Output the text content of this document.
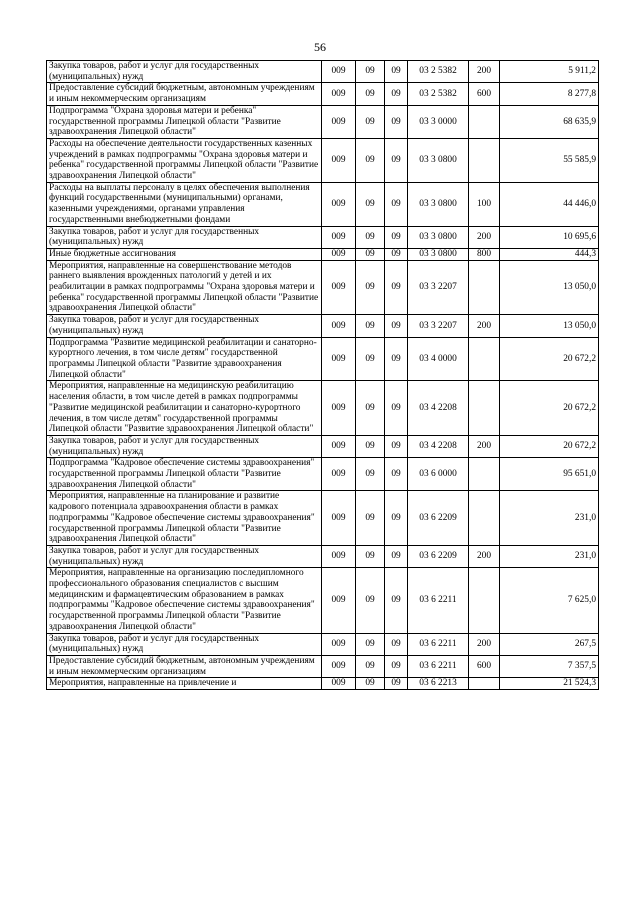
56
Закупка товаров, работ и услуг для государственных (муниципальных) нужд	009	09	09	03 2 5382	200	5 911,2
Предоставление субсидий бюджетным, автономным учреждениям и иным некоммерческим организациям	009	09	09	03 2 5382	600	8 277,8
Подпрограмма "Охрана здоровья матери и ребенка" государственной программы Липецкой области "Развитие здравоохранения Липецкой области"	009	09	09	03 3 0000		68 635,9
Расходы на обеспечение деятельности государственных казенных учреждений в рамках подпрограммы "Охрана здоровья матери и ребенка" государственной программы Липецкой области "Развитие здравоохранения Липецкой области"	009	09	09	03 3 0800		55 585,9
Расходы на выплаты персоналу в целях обеспечения выполнения функций государственными (муниципальными) органами, казенными учреждениями, органами управления государственными внебюджетными фондами	009	09	09	03 3 0800	100	44 446,0
Закупка товаров, работ и услуг для государственных (муниципальных) нужд	009	09	09	03 3 0800	200	10 695,6
Иные бюджетные ассигнования	009	09	09	03 3 0800	800	444,3
Мероприятия, направленные на совершенствование методов раннего выявления врожденных патологий у детей и их реабилитации в рамках подпрограммы "Охрана здоровья матери и ребенка" государственной программы Липецкой области "Развитие здравоохранения Липецкой области"	009	09	09	03 3 2207		13 050,0
Закупка товаров, работ и услуг для государственных (муниципальных) нужд	009	09	09	03 3 2207	200	13 050,0
Подпрограмма "Развитие медицинской реабилитации и санаторно-курортного лечения, в том числе детям" государственной программы Липецкой области "Развитие здравоохранения Липецкой области"	009	09	09	03 4 0000		20 672,2
Мероприятия, направленные на медицинскую реабилитацию населения области, в том числе детей в рамках подпрограммы "Развитие медицинской реабилитации и санаторно-курортного лечения, в том числе детям" государственной программы Липецкой области "Развитие здравоохранения Липецкой области"	009	09	09	03 4 2208		20 672,2
Закупка товаров, работ и услуг для государственных (муниципальных) нужд	009	09	09	03 4 2208	200	20 672,2
Подпрограмма "Кадровое обеспечение системы здравоохранения" государственной программы Липецкой области "Развитие здравоохранения Липецкой области"	009	09	09	03 6 0000		95 651,0
Мероприятия, направленные на планирование и развитие кадрового потенциала здравоохранения области в рамках подпрограммы "Кадровое обеспечение системы здравоохранения" государственной программы Липецкой области "Развитие здравоохранения Липецкой области"	009	09	09	03 6 2209		231,0
Закупка товаров, работ и услуг для государственных (муниципальных) нужд	009	09	09	03 6 2209	200	231,0
Мероприятия, направленные на организацию последипломного профессионального образования специалистов с высшим медицинским и фармацевтическим образованием в рамках подпрограммы "Кадровое обеспечение системы здравоохранения" государственной программы Липецкой области "Развитие здравоохранения Липецкой области"	009	09	09	03 6 2211		7 625,0
Закупка товаров, работ и услуг для государственных (муниципальных) нужд	009	09	09	03 6 2211	200	267,5
Предоставление субсидий бюджетным, автономным учреждениям и иным некоммерческим организациям	009	09	09	03 6 2211	600	7 357,5
Мероприятия, направленные на привлечение и	009	09	09	03 6 2213		21 524,3
